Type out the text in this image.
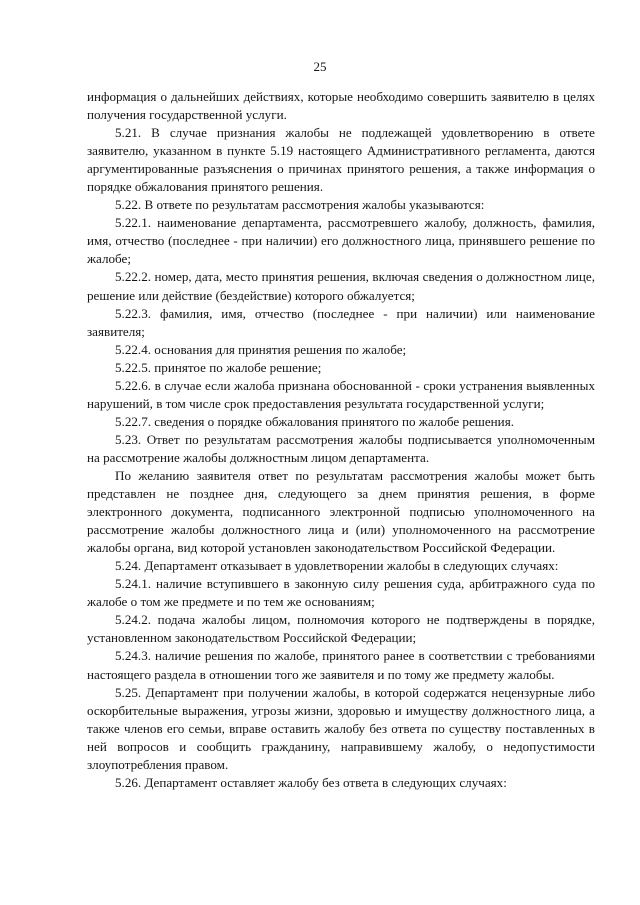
25

информация о дальнейших действиях, которые необходимо совершить заявителю в целях получения государственной услуги.

5.21. В случае признания жалобы не подлежащей удовлетворению в ответе заявителю, указанном в пункте 5.19 настоящего Административного регламента, даются аргументированные разъяснения о причинах принятого решения, а также информация о порядке обжалования принятого решения.

5.22. В ответе по результатам рассмотрения жалобы указываются:

5.22.1. наименование департамента, рассмотревшего жалобу, должность, фамилия, имя, отчество (последнее - при наличии) его должностного лица, принявшего решение по жалобе;

5.22.2. номер, дата, место принятия решения, включая сведения о должностном лице, решение или действие (бездействие) которого обжалуется;

5.22.3. фамилия, имя, отчество (последнее - при наличии) или наименование заявителя;

5.22.4. основания для принятия решения по жалобе;

5.22.5. принятое по жалобе решение;

5.22.6. в случае если жалоба признана обоснованной - сроки устранения выявленных нарушений, в том числе срок предоставления результата государственной услуги;

5.22.7. сведения о порядке обжалования принятого по жалобе решения.

5.23. Ответ по результатам рассмотрения жалобы подписывается уполномоченным на рассмотрение жалобы должностным лицом департамента.

По желанию заявителя ответ по результатам рассмотрения жалобы может быть представлен не позднее дня, следующего за днем принятия решения, в форме электронного документа, подписанного электронной подписью уполномоченного на рассмотрение жалобы должностного лица и (или) уполномоченного на рассмотрение жалобы органа, вид которой установлен законодательством Российской Федерации.

5.24. Департамент отказывает в удовлетворении жалобы в следующих случаях:

5.24.1. наличие вступившего в законную силу решения суда, арбитражного суда по жалобе о том же предмете и по тем же основаниям;

5.24.2. подача жалобы лицом, полномочия которого не подтверждены в порядке, установленном законодательством Российской Федерации;

5.24.3. наличие решения по жалобе, принятого ранее в соответствии с требованиями настоящего раздела в отношении того же заявителя и по тому же предмету жалобы.

5.25. Департамент при получении жалобы, в которой содержатся нецензурные либо оскорбительные выражения, угрозы жизни, здоровью и имуществу должностного лица, а также членов его семьи, вправе оставить жалобу без ответа по существу поставленных в ней вопросов и сообщить гражданину, направившему жалобу, о недопустимости злоупотребления правом.

5.26. Департамент оставляет жалобу без ответа в следующих случаях:
